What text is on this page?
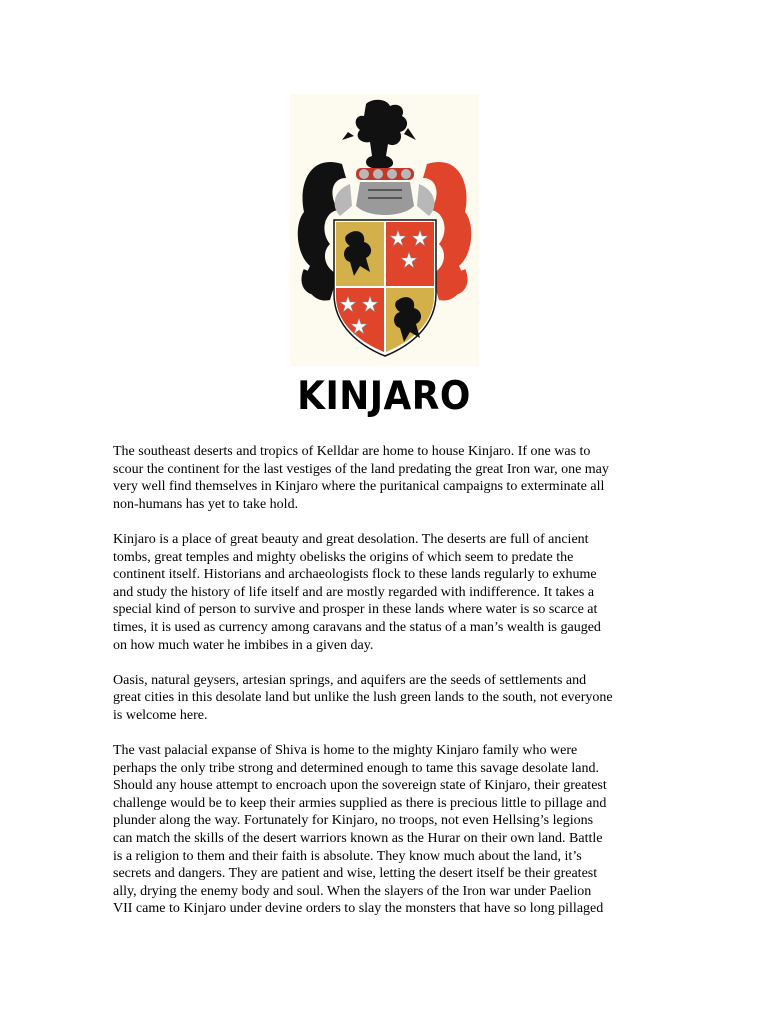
KINJARO

The southeast deserts and tropics of Kelldar are home to house Kinjaro. If one was to
scour the continent for the last vestiges of the land predating the great Iron war, one may
very well find themselves in Kinjaro where the puritanical campaigns to exterminate all
non-humans has yet to take hold.

Kinjaro is a place of great beauty and great desolation. The deserts are full of ancient
tombs, great temples and mighty obelisks the origins of which seem to predate the
continent itself. Historians and archaeologists flock to these lands regularly to exhume
and study the history of life itself and are mostly regarded with indifference. It takes a
special kind of person to survive and prosper in these lands where water is so scarce at
times, it is used as currency among caravans and the status of a man’s wealth is gauged
on how much water he imbibes in a given day.

Oasis, natural geysers, artesian springs, and aquifers are the seeds of settlements and
great cities in this desolate land but unlike the lush green lands to the south, not everyone
is welcome here.

The vast palacial expanse of Shiva is home to the mighty Kinjaro family who were
perhaps the only tribe strong and determined enough to tame this savage desolate land.
Should any house attempt to encroach upon the sovereign state of Kinjaro, their greatest
challenge would be to keep their armies supplied as there is precious little to pillage and
plunder along the way. Fortunately for Kinjaro, no troops, not even Hellsing’s legions
can match the skills of the desert warriors known as the Hurar on their own land. Battle
is a religion to them and their faith is absolute. They know much about the land, it’s
secrets and dangers. They are patient and wise, letting the desert itself be their greatest
ally, drying the enemy body and soul. When the slayers of the Iron war under Paelion
VII came to Kinjaro under devine orders to slay the monsters that have so long pillaged
